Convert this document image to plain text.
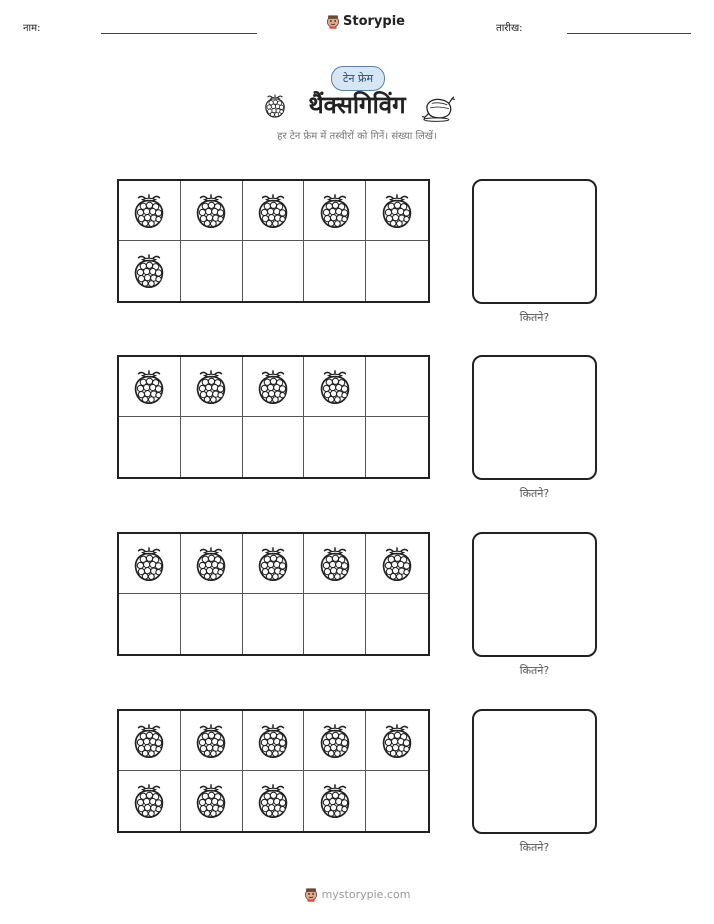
नाम:	Storypie	तारीख:
टेन फ्रेम
थैंक्सगिविंग
हर टेन फ्रेम में तस्वीरों को गिनें। संख्या लिखें।
कितने?
कितने?
कितने?
कितने?
mystorypie.com
